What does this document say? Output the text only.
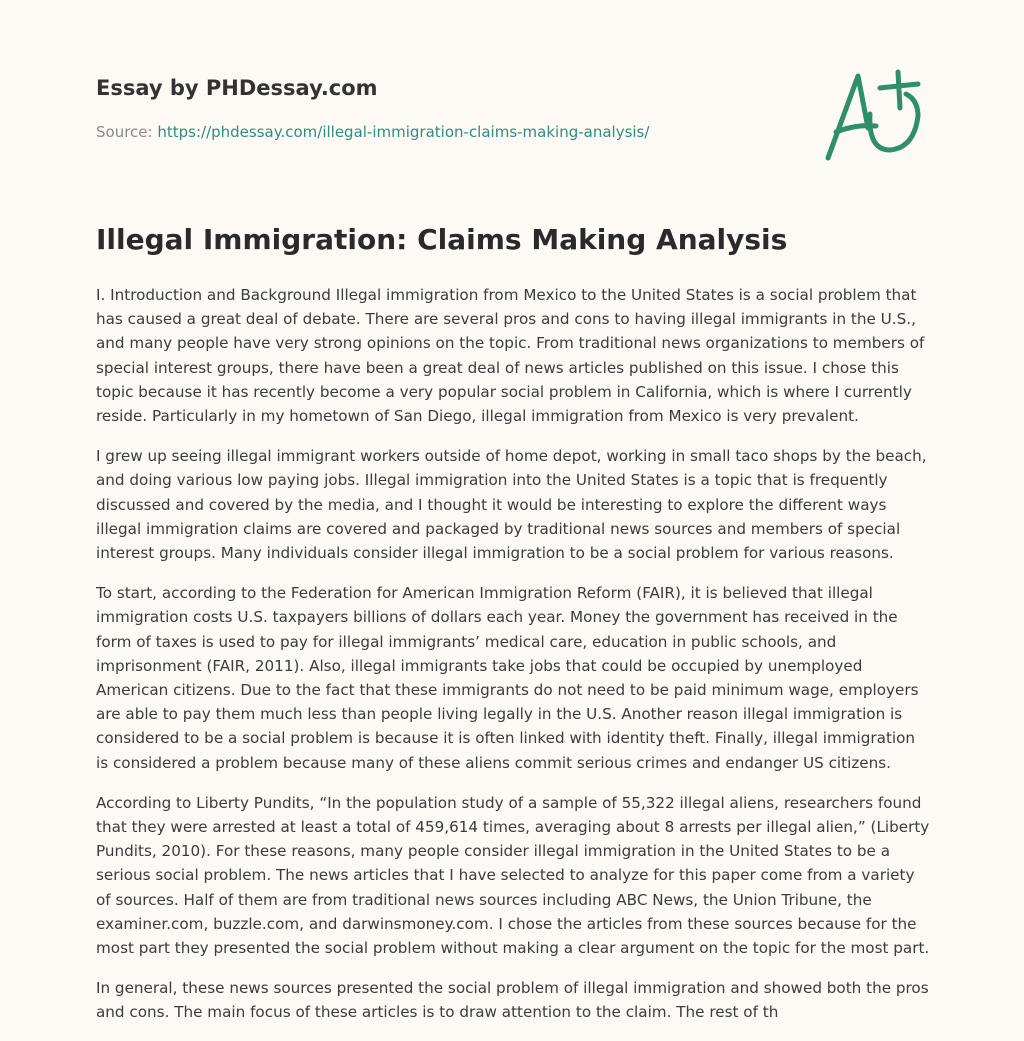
Essay by PHDessay.com
Source: https://phdessay.com/illegal-immigration-claims-making-analysis/
Illegal Immigration: Claims Making Analysis

I. Introduction and Background Illegal immigration from Mexico to the United States is a social problem that has caused a great deal of debate. There are several pros and cons to having illegal immigrants in the U.S., and many people have very strong opinions on the topic. From traditional news organizations to members of special interest groups, there have been a great deal of news articles published on this issue. I chose this topic because it has recently become a very popular social problem in California, which is where I currently reside. Particularly in my hometown of San Diego, illegal immigration from Mexico is very prevalent.

I grew up seeing illegal immigrant workers outside of home depot, working in small taco shops by the beach, and doing various low paying jobs. Illegal immigration into the United States is a topic that is frequently discussed and covered by the media, and I thought it would be interesting to explore the different ways illegal immigration claims are covered and packaged by traditional news sources and members of special interest groups. Many individuals consider illegal immigration to be a social problem for various reasons.

To start, according to the Federation for American Immigration Reform (FAIR), it is believed that illegal immigration costs U.S. taxpayers billions of dollars each year. Money the government has received in the form of taxes is used to pay for illegal immigrants’ medical care, education in public schools, and imprisonment (FAIR, 2011). Also, illegal immigrants take jobs that could be occupied by unemployed American citizens. Due to the fact that these immigrants do not need to be paid minimum wage, employers are able to pay them much less than people living legally in the U.S. Another reason illegal immigration is considered to be a social problem is because it is often linked with identity theft. Finally, illegal immigration is considered a problem because many of these aliens commit serious crimes and endanger US citizens.

According to Liberty Pundits, “In the population study of a sample of 55,322 illegal aliens, researchers found that they were arrested at least a total of 459,614 times, averaging about 8 arrests per illegal alien,” (Liberty Pundits, 2010). For these reasons, many people consider illegal immigration in the United States to be a serious social problem. The news articles that I have selected to analyze for this paper come from a variety of sources. Half of them are from traditional news sources including ABC News, the Union Tribune, the examiner.com, buzzle.com, and darwinsmoney.com. I chose the articles from these sources because for the most part they presented the social problem without making a clear argument on the topic for the most part.

In general, these news sources presented the social problem of illegal immigration and showed both the pros and cons. The main focus of these articles is to draw attention to the claim. The rest of th
